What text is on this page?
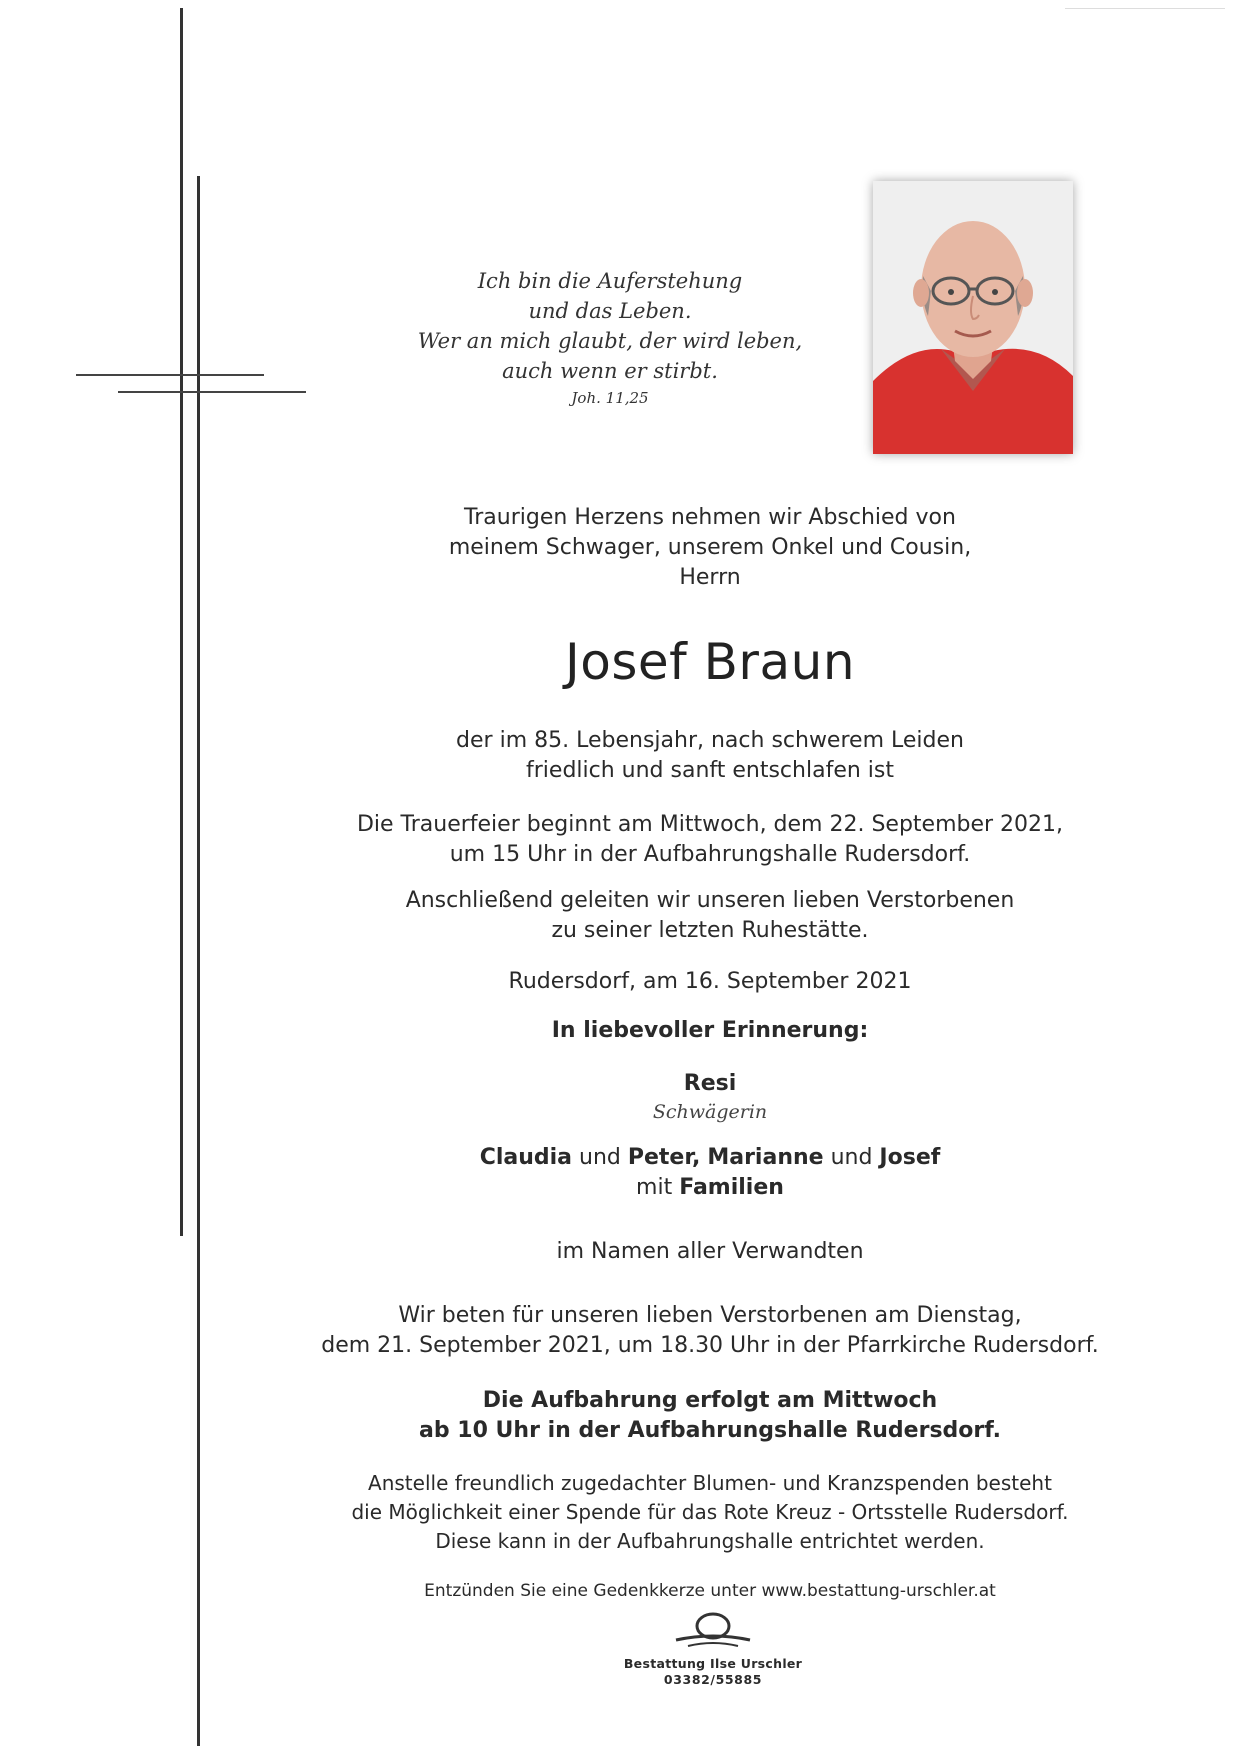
Ich bin die Auferstehung
und das Leben.
Wer an mich glaubt, der wird leben,
auch wenn er stirbt.
Joh. 11,25
Traurigen Herzens nehmen wir Abschied von
meinem Schwager, unserem Onkel und Cousin,
Herrn
Josef Braun
der im 85. Lebensjahr, nach schwerem Leiden
friedlich und sanft entschlafen ist
Die Trauerfeier beginnt am Mittwoch, dem 22. September 2021,
um 15 Uhr in der Aufbahrungshalle Rudersdorf.
Anschließend geleiten wir unseren lieben Verstorbenen
zu seiner letzten Ruhestätte.
Rudersdorf, am 16. September 2021
In liebevoller Erinnerung:
Resi
Schwägerin
Claudia und Peter, Marianne und Josef
mit Familien
im Namen aller Verwandten
Wir beten für unseren lieben Verstorbenen am Dienstag,
dem 21. September 2021, um 18.30 Uhr in der Pfarrkirche Rudersdorf.
Die Aufbahrung erfolgt am Mittwoch
ab 10 Uhr in der Aufbahrungshalle Rudersdorf.
Anstelle freundlich zugedachter Blumen- und Kranzspenden besteht
die Möglichkeit einer Spende für das Rote Kreuz - Ortsstelle Rudersdorf.
Diese kann in der Aufbahrungshalle entrichtet werden.
Entzünden Sie eine Gedenkkerze unter www.bestattung-urschler.at
Bestattung Ilse Urschler
03382/55885
